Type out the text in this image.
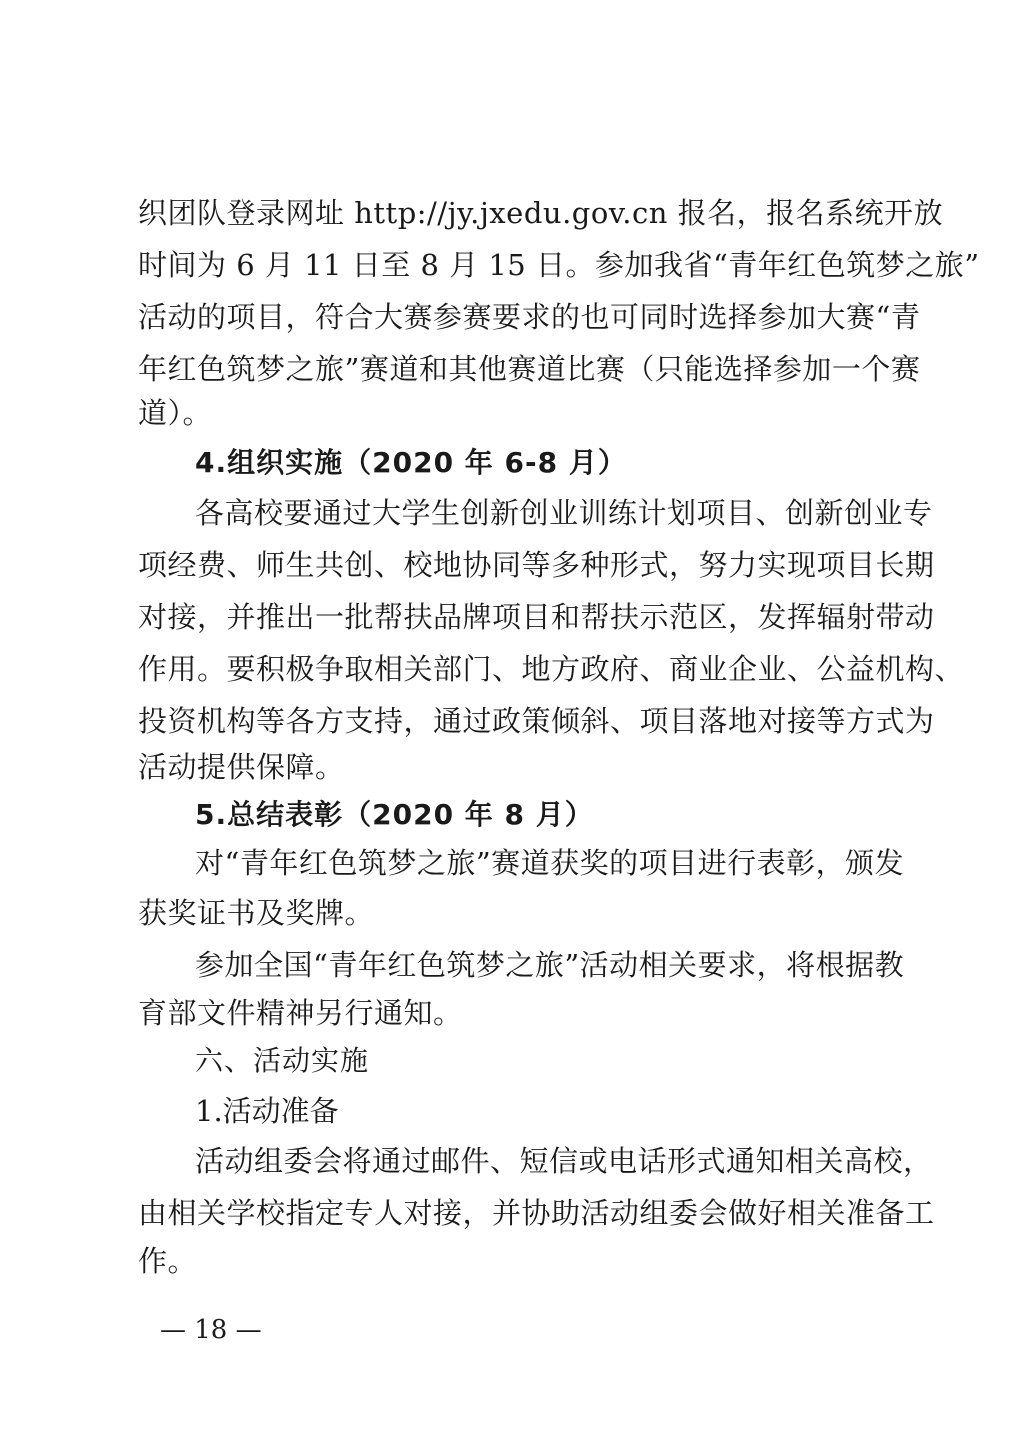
织团队登录网址 http://jy.jxedu.gov.cn 报名，报名系统开放
时间为 6 月 11 日至 8 月 15 日。参加我省“青年红色筑梦之旅”
活动的项目，符合大赛参赛要求的也可同时选择参加大赛“青
年红色筑梦之旅”赛道和其他赛道比赛（只能选择参加一个赛
道）。
4.组织实施（2020 年 6-8 月）
各高校要通过大学生创新创业训练计划项目、创新创业专
项经费、师生共创、校地协同等多种形式，努力实现项目长期
对接，并推出一批帮扶品牌项目和帮扶示范区，发挥辐射带动
作用。要积极争取相关部门、地方政府、商业企业、公益机构、
投资机构等各方支持，通过政策倾斜、项目落地对接等方式为
活动提供保障。
5.总结表彰（2020 年 8 月）
对“青年红色筑梦之旅”赛道获奖的项目进行表彰，颁发
获奖证书及奖牌。
参加全国“青年红色筑梦之旅”活动相关要求，将根据教
育部文件精神另行通知。
六、活动实施
1.活动准备
活动组委会将通过邮件、短信或电话形式通知相关高校，
由相关学校指定专人对接，并协助活动组委会做好相关准备工
作。
— 18 —
